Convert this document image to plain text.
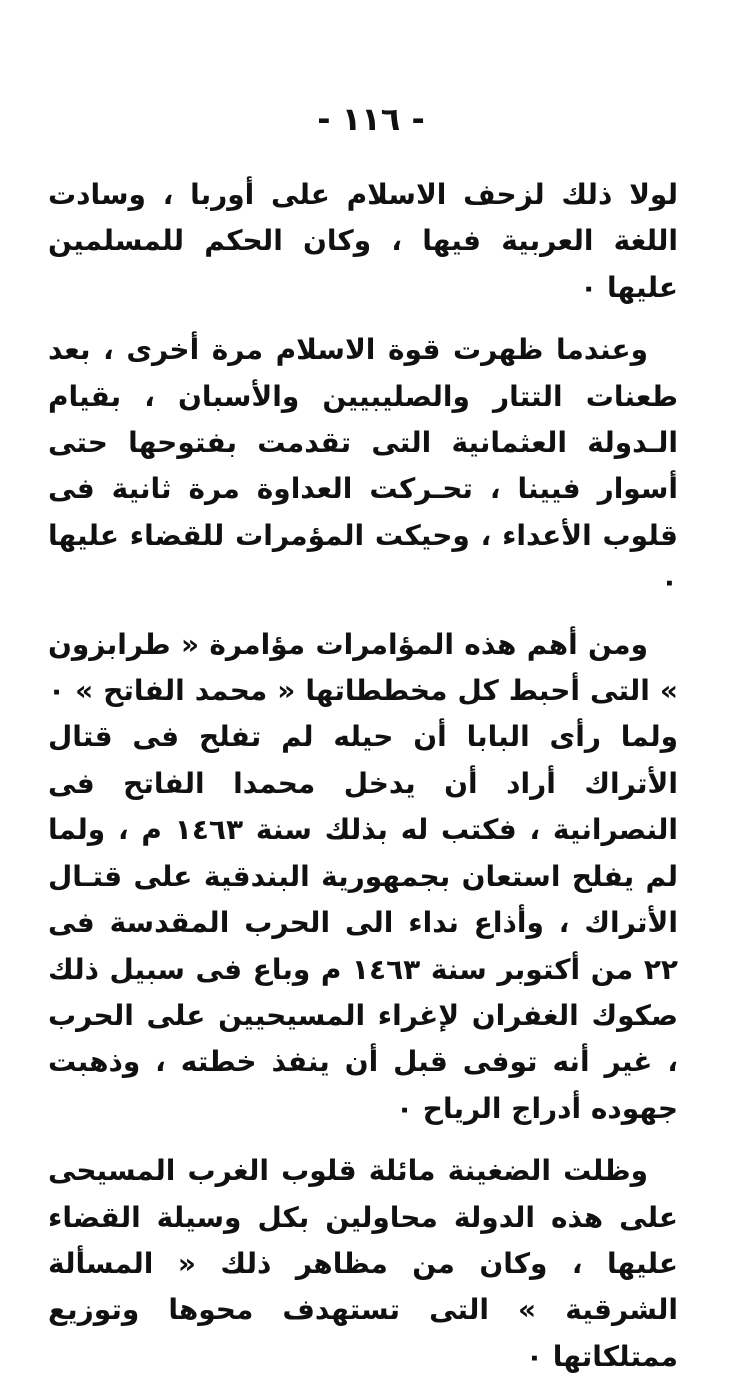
- ١١٦ -

لولا ذلك لزحف الاسلام على أوربا ، وسادت اللغة العربية فيها ، وكان الحكم للمسلمين عليها ٠

وعندما ظهرت قوة الاسلام مرة أخرى ، بعد طعنات التتار والصليبيين والأسبان ، بقيام الـدولة العثمانية التى تقدمت بفتوحها حتى أسوار فيينا ، تحـركت العداوة مرة ثانية فى قلوب الأعداء ، وحيكت المؤمرات للقضاء عليها ٠

ومن أهم هذه المؤامرات مؤامرة « طرابزون » التى أحبط كل مخططاتها « محمد الفاتح » ٠ ولما رأى البابا أن حيله لم تفلح فى قتال الأتراك أراد أن يدخل محمدا الفاتح فى النصرانية ، فكتب له بذلك سنة ١٤٦٣ م ، ولما لم يفلح استعان بجمهورية البندقية على قتـال الأتراك ، وأذاع نداء الى الحرب المقدسة فى ٢٢ من أكتوبر سنة ١٤٦٣ م وباع فى سبيل ذلك صكوك الغفران لإغراء المسيحيين على الحرب ، غير أنه توفى قبل أن ينفذ خطته ، وذهبت جهوده أدراج الرياح ٠

وظلت الضغينة مائلة قلوب الغرب المسيحى على هذه الدولة محاولين بكل وسيلة القضاء عليها ، وكان من مظاهر ذلك « المسألة الشرقية » التى تستهدف محوها وتوزيع ممتلكاتها ٠
